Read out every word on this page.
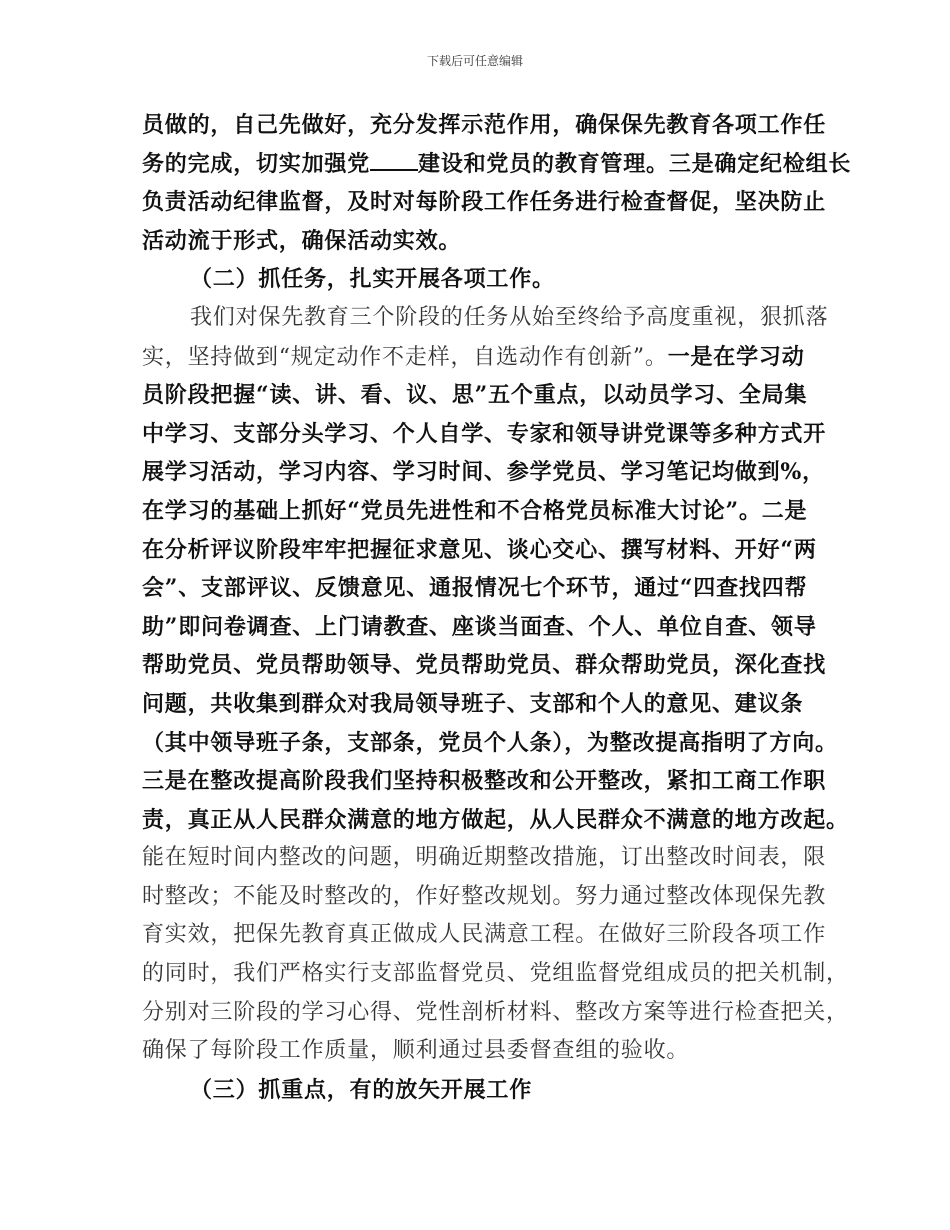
下载后可任意编辑
员做的，自己先做好，充分发挥示范作用，确保保先教育各项工作任
务的完成，切实加强党 建设和党员的教育管理。三是确定纪检组长
负责活动纪律监督，及时对每阶段工作任务进行检查督促，坚决防止
活动流于形式，确保活动实效。
（二）抓任务，扎实开展各项工作。
我们对保先教育三个阶段的任务从始至终给予高度重视，狠抓落
实，坚持做到“规定动作不走样，自选动作有创新”。一是在学习动
员阶段把握“读、讲、看、议、思”五个重点，以动员学习、全局集
中学习、支部分头学习、个人自学、专家和领导讲党课等多种方式开
展学习活动，学习内容、学习时间、参学党员、学习笔记均做到%，
在学习的基础上抓好“党员先进性和不合格党员标准大讨论”。二是
在分析评议阶段牢牢把握征求意见、谈心交心、撰写材料、开好“两
会”、支部评议、反馈意见、通报情况七个环节，通过“四查找四帮
助”即问卷调查、上门请教查、座谈当面查、个人、单位自查、领导
帮助党员、党员帮助领导、党员帮助党员、群众帮助党员，深化查找
问题，共收集到群众对我局领导班子、支部和个人的意见、建议条
（其中领导班子条，支部条，党员个人条），为整改提高指明了方向。
三是在整改提高阶段我们坚持积极整改和公开整改，紧扣工商工作职
责，真正从人民群众满意的地方做起，从人民群众不满意的地方改起。
能在短时间内整改的问题，明确近期整改措施，订出整改时间表，限
时整改；不能及时整改的，作好整改规划。努力通过整改体现保先教
育实效，把保先教育真正做成人民满意工程。在做好三阶段各项工作
的同时，我们严格实行支部监督党员、党组监督党组成员的把关机制，
分别对三阶段的学习心得、党性剖析材料、整改方案等进行检查把关，
确保了每阶段工作质量，顺利通过县委督查组的验收。
（三）抓重点，有的放矢开展工作
